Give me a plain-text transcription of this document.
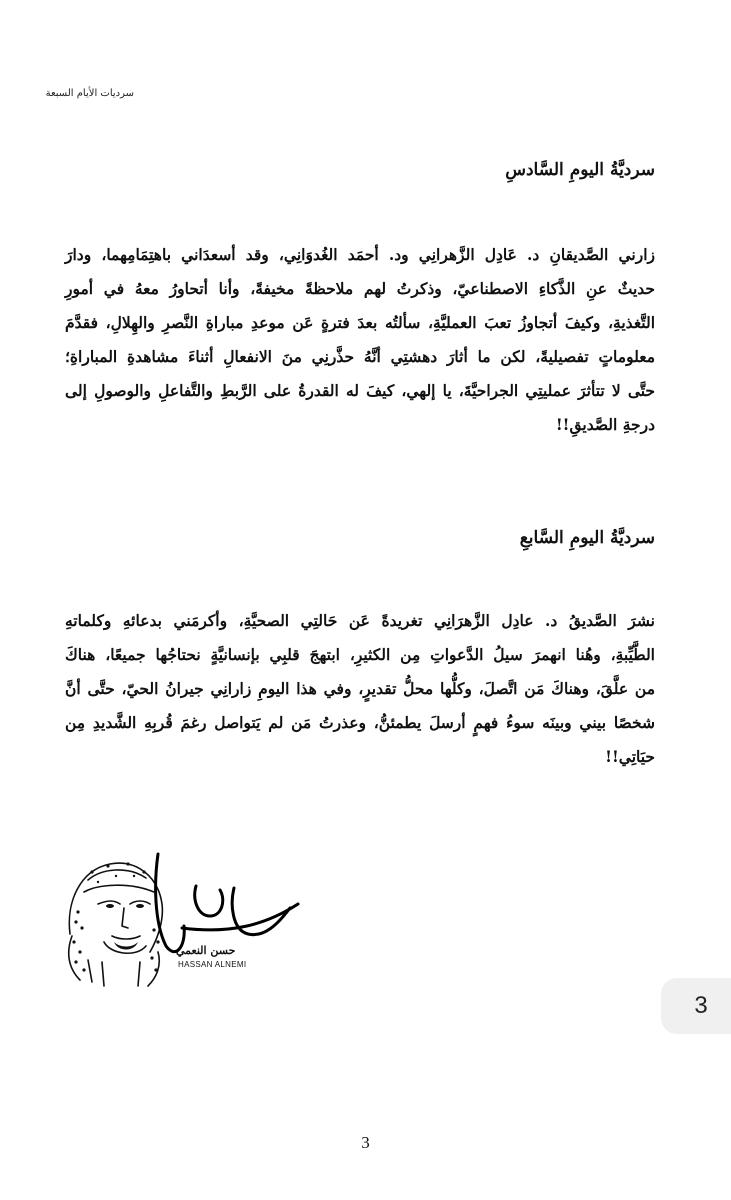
سرديات الأيام السبعة
سرديَّةُ اليومِ السَّادسِ
زارني الصَّديقانِ د. عَادِل الزَّهرانِي ود. أحمَد الغُدوَانِي، وقد أسعدَاني باهتِمَامِهما، ودارَ
حديثٌ عنِ الذَّكاءِ الاصطناعيّ، وذكرتُ لهم ملاحظةً مخيفةً، وأنا أتحاورُ معهُ في أمورِ
التَّغذيةِ، وكيفَ أتجاوزُ تعبَ العمليَّةِ، سألتُه بعدَ فترةٍ عَن موعدِ مباراةِ النَّصرِ والهِلالِ، فقدَّمَ
معلوماتٍ تفصيليةً، لكن ما أثارَ دهشتِي أنَّهُ حذَّرنِي منَ الانفعالِ أثناءَ مشاهدةِ المباراةِ؛
حتَّى لا تتأثرَ عمليتِي الجراحيَّةَ، يا إلهي، كيفَ له القدرةُ على الرَّبطِ والتَّفاعلِ والوصولِ إلى
درجةِ الصَّديقِ!!
سرديَّةُ اليومِ السَّابعِ
نشرَ الصَّديقُ د. عادِل الزَّهرَانِي تغريدةً عَن حَالتِي الصحيَّةِ، وأكرمَني بدعائهِ وكلماتهِ
الطَّيِّبةِ، وهُنا انهمرَ سيلُ الدَّعواتِ مِن الكثيرِ، ابتهجَ قلبِي بإنسانيَّةٍ نحتاجُها جميعًا، هناكَ
من علَّقَ، وهناكَ مَن اتَّصلَ، وكلُّها محلُّ تقديرٍ، وفي هذا اليومِ زارانِي جيرانُ الحيّ، حتَّى أنَّ
شخصًا بيني وبينَه سوءُ فهمٍ أرسلَ يطمئنُّ، وعذرتُ مَن لم يَتواصل رغمَ قُربِهِ الشَّديدِ مِن
حيَاتِي!!
حسن النعمي
HASSAN ALNEMI
3
3
